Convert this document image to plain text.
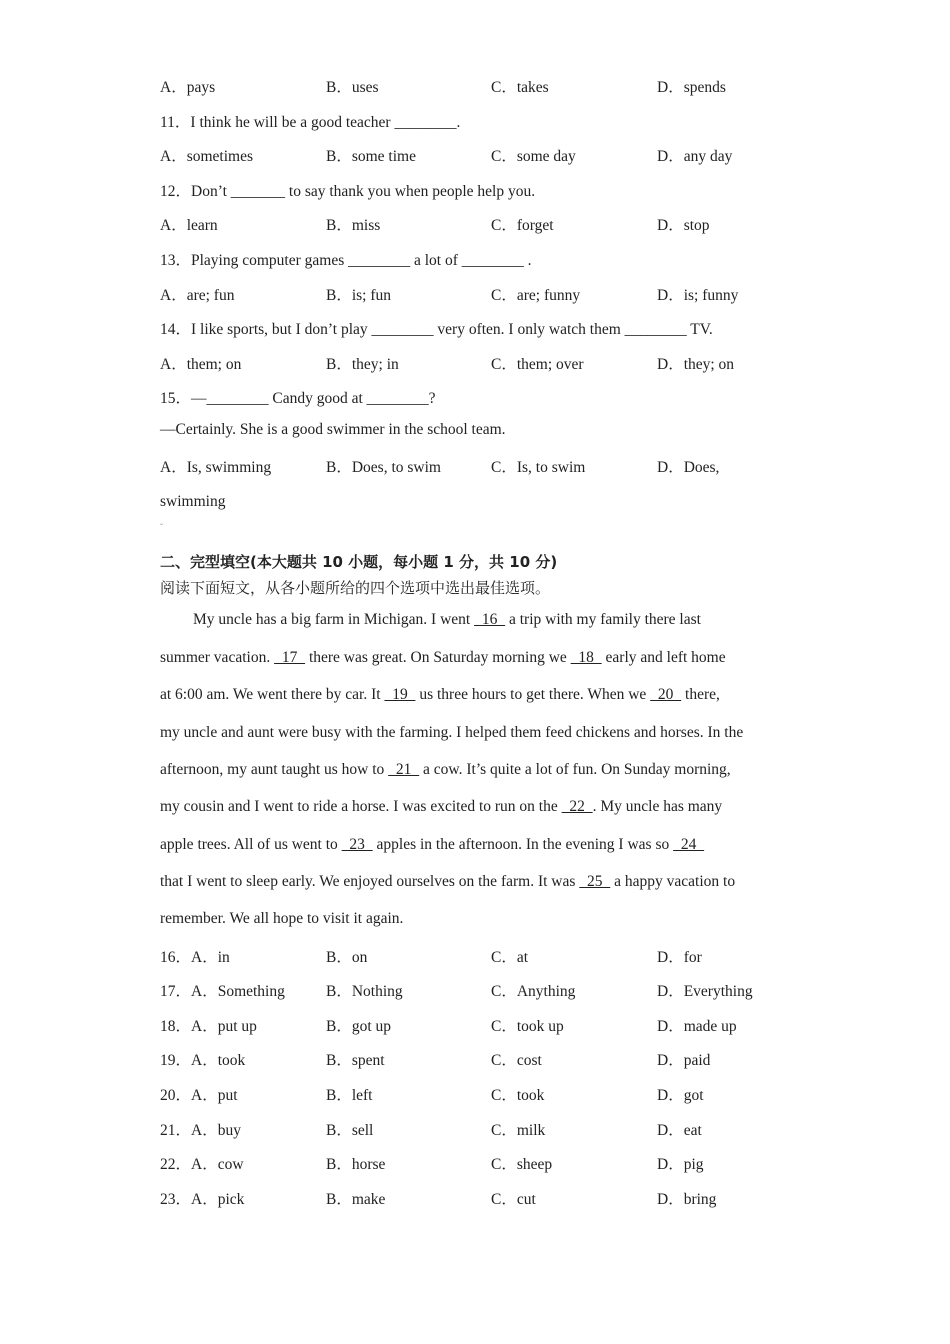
A．pays	B．uses	C．takes	D．spends
11．I think he will be a good teacher ________.
A．sometimes	B．some time	C．some day	D．any day
12．Don’t _______ to say thank you when people help you.
A．learn	B．miss	C．forget	D．stop
13．Playing computer games ________ a lot of ________ .
A．are; fun	B．is; fun	C．are; funny	D．is; funny
14．I like sports, but I don’t play ________ very often. I only watch them ________ TV.
A．them; on	B．they; in	C．them; over	D．they; on
15．—________ Candy good at ________?
—Certainly. She is a good swimmer in the school team.
A．Is, swimming	B．Does, to swim	C．Is, to swim	D．Does,
swimming
ˇ
二、完型填空(本大题共 10 小题，每小题 1 分，共 10 分)
阅读下面短文，从各小题所给的四个选项中选出最佳选项。
My uncle has a big farm in Michigan. I went   16   a trip with my family there last
summer vacation.   17   there was great. On Saturday morning we   18   early and left home
at 6:00 am. We went there by car. It   19   us three hours to get there. When we   20   there,
my uncle and aunt were busy with the farming. I helped them feed chickens and horses. In the
afternoon, my aunt taught us how to   21   a cow. It’s quite a lot of fun. On Sunday morning,
my cousin and I went to ride a horse. I was excited to run on the   22  . My uncle has many
apple trees. All of us went to   23   apples in the afternoon. In the evening I was so   24
that I went to sleep early. We enjoyed ourselves on the farm. It was   25   a happy vacation to
remember. We all hope to visit it again.
16．A．in	B．on	C．at	D．for
17．A．Something	B．Nothing	C．Anything	D．Everything
18．A．put up	B．got up	C．took up	D．made up
19．A．took	B．spent	C．cost	D．paid
20．A．put	B．left	C．took	D．got
21．A．buy	B．sell	C．milk	D．eat
22．A．cow	B．horse	C．sheep	D．pig
23．A．pick	B．make	C．cut	D．bring
